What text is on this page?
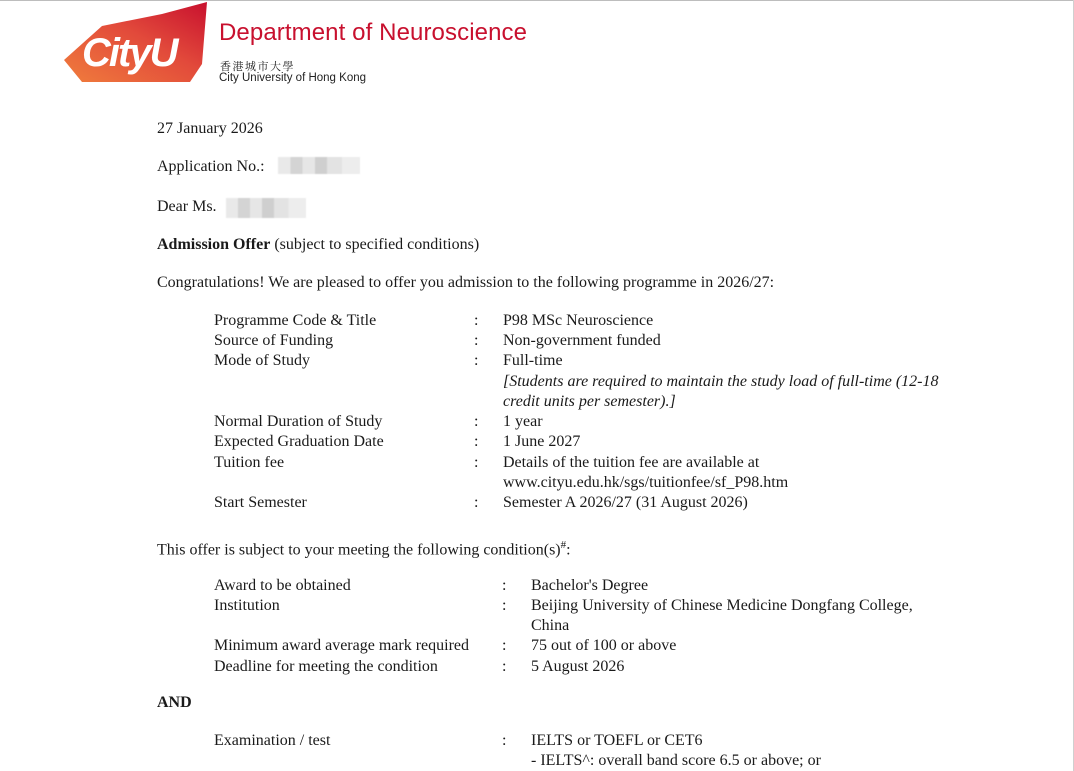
CityU Department of Neuroscience
香港城市大學
City University of Hong Kong
27 January 2026
Application No.:
Dear Ms.
Admission Offer (subject to specified conditions)
Congratulations! We are pleased to offer you admission to the following programme in 2026/27:
Programme Code & Title	: P98 MSc Neuroscience
Source of Funding	: Non-government funded
Mode of Study	: Full-time
[Students are required to maintain the study load of full-time (12-18
credit units per semester).]
Normal Duration of Study	: 1 year
Expected Graduation Date	: 1 June 2027
Tuition fee	: Details of the tuition fee are available at
www.cityu.edu.hk/sgs/tuitionfee/sf_P98.htm
Start Semester	: Semester A 2026/27 (31 August 2026)
This offer is subject to your meeting the following condition(s)#:
Award to be obtained	: Bachelor's Degree
Institution	: Beijing University of Chinese Medicine Dongfang College,
China
Minimum award average mark required : 75 out of 100 or above
Deadline for meeting the condition	: 5 August 2026
AND
Examination / test	: IELTS or TOEFL or CET6
- IELTS^: overall band score 6.5 or above; or
